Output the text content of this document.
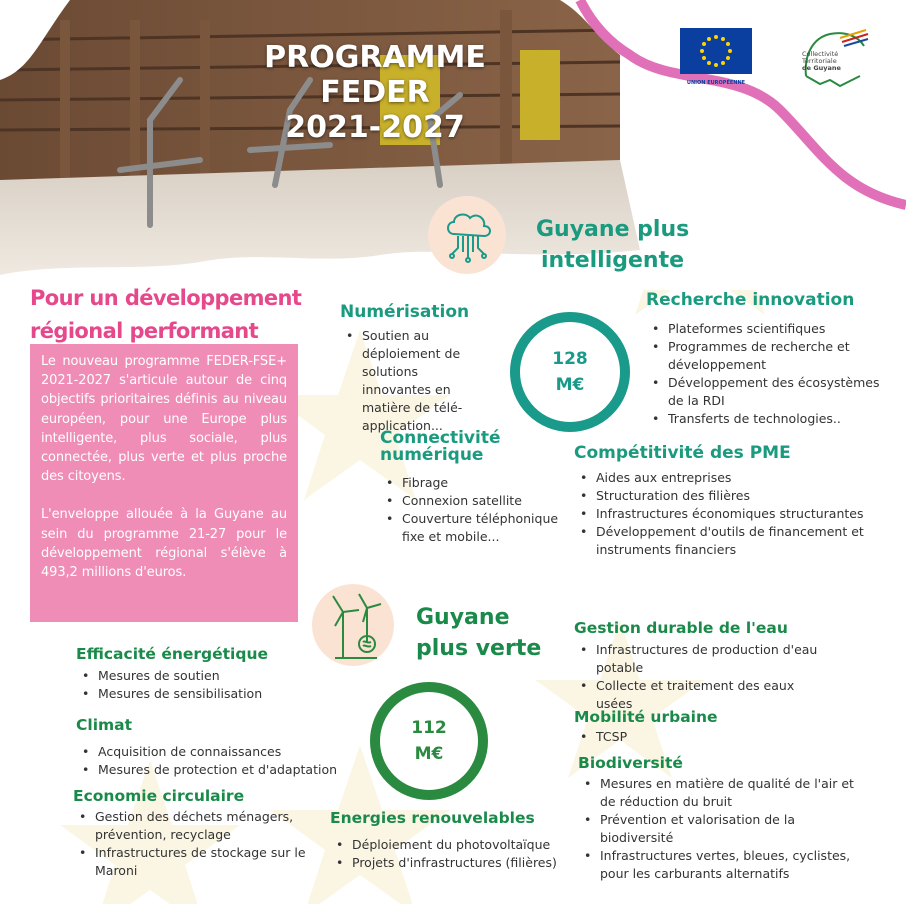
PROGRAMME
FEDER
2021-2027
UNION EUROPÉENNE
Collectivité
Territoriale
de Guyane
Pour un développement
régional performant

Le nouveau programme FEDER-FSE+ 2021-2027 s'articule autour de cinq objectifs prioritaires définis au niveau européen, pour une Europe plus intelligente, plus sociale, plus connectée, plus verte et plus proche des citoyens.

L'enveloppe allouée à la Guyane au sein du programme 21-27 pour le développement régional s'élève à 493,2 millions d'euros.

Guyane plus
intelligente
128
M€
Numérisation
• Soutien au déploiement de solutions innovantes en matière de télé-application...
Connectivité
numérique
• Fibrage
• Connexion satellite
• Couverture téléphonique fixe et mobile...
Recherche innovation
• Plateformes scientifiques
• Programmes de recherche et développement
• Développement des écosystèmes de la RDI
• Transferts de technologies..
Compétitivité des PME
• Aides aux entreprises
• Structuration des filières
• Infrastructures économiques structurantes
• Développement d'outils de financement et instruments financiers
Guyane
plus verte
112
M€
Efficacité énergétique
• Mesures de soutien
• Mesures de sensibilisation
Climat
• Acquisition de connaissances
• Mesures de protection et d'adaptation
Economie circulaire
• Gestion des déchets ménagers, prévention, recyclage
• Infrastructures de stockage sur le Maroni
Energies renouvelables
• Déploiement du photovoltaïque
• Projets d'infrastructures (filières)
Gestion durable de l'eau
• Infrastructures de production d'eau potable
• Collecte et traitement des eaux usées
Mobilité urbaine
• TCSP
Biodiversité
• Mesures en matière de qualité de l'air et de réduction du bruit
• Prévention et valorisation de la biodiversité
• Infrastructures vertes, bleues, cyclistes, pour les carburants alternatifs
